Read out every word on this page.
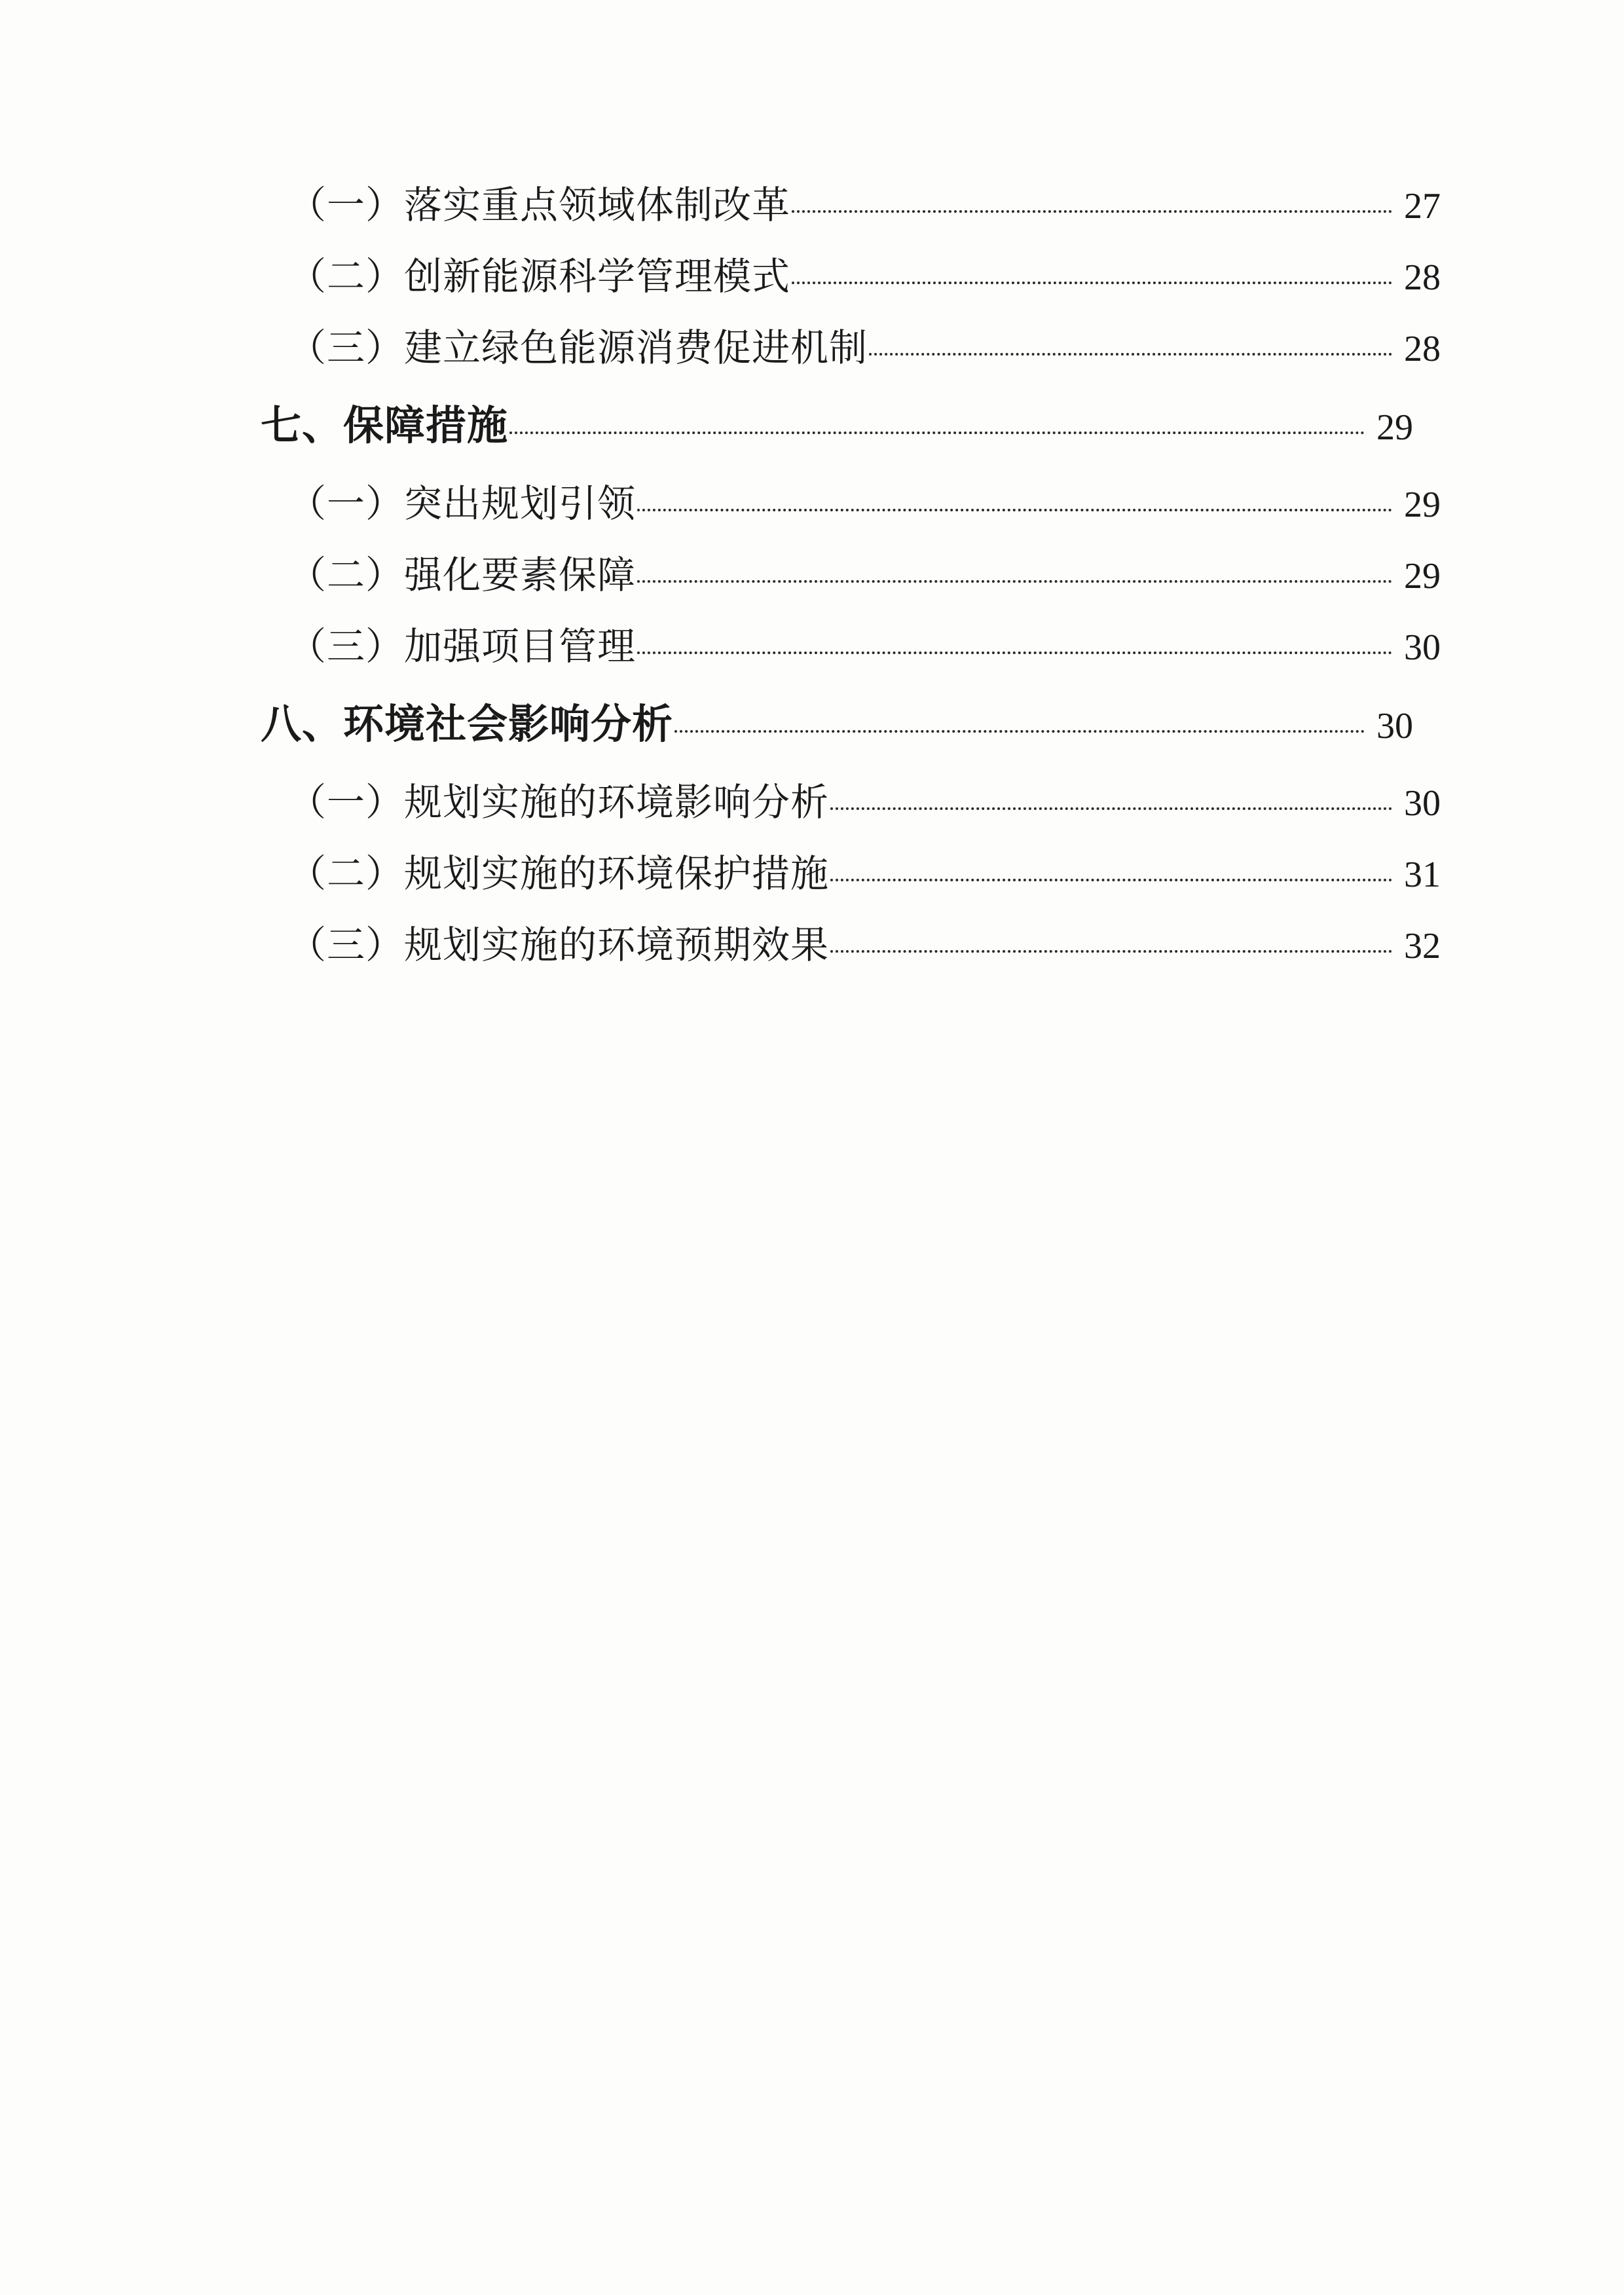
（一）落实重点领域体制改革	27
（二）创新能源科学管理模式	28
（三）建立绿色能源消费促进机制	28
七、保障措施	29
（一）突出规划引领	29
（二）强化要素保障	29
（三）加强项目管理	30
八、环境社会影响分析	30
（一）规划实施的环境影响分析	30
（二）规划实施的环境保护措施	31
（三）规划实施的环境预期效果	32
